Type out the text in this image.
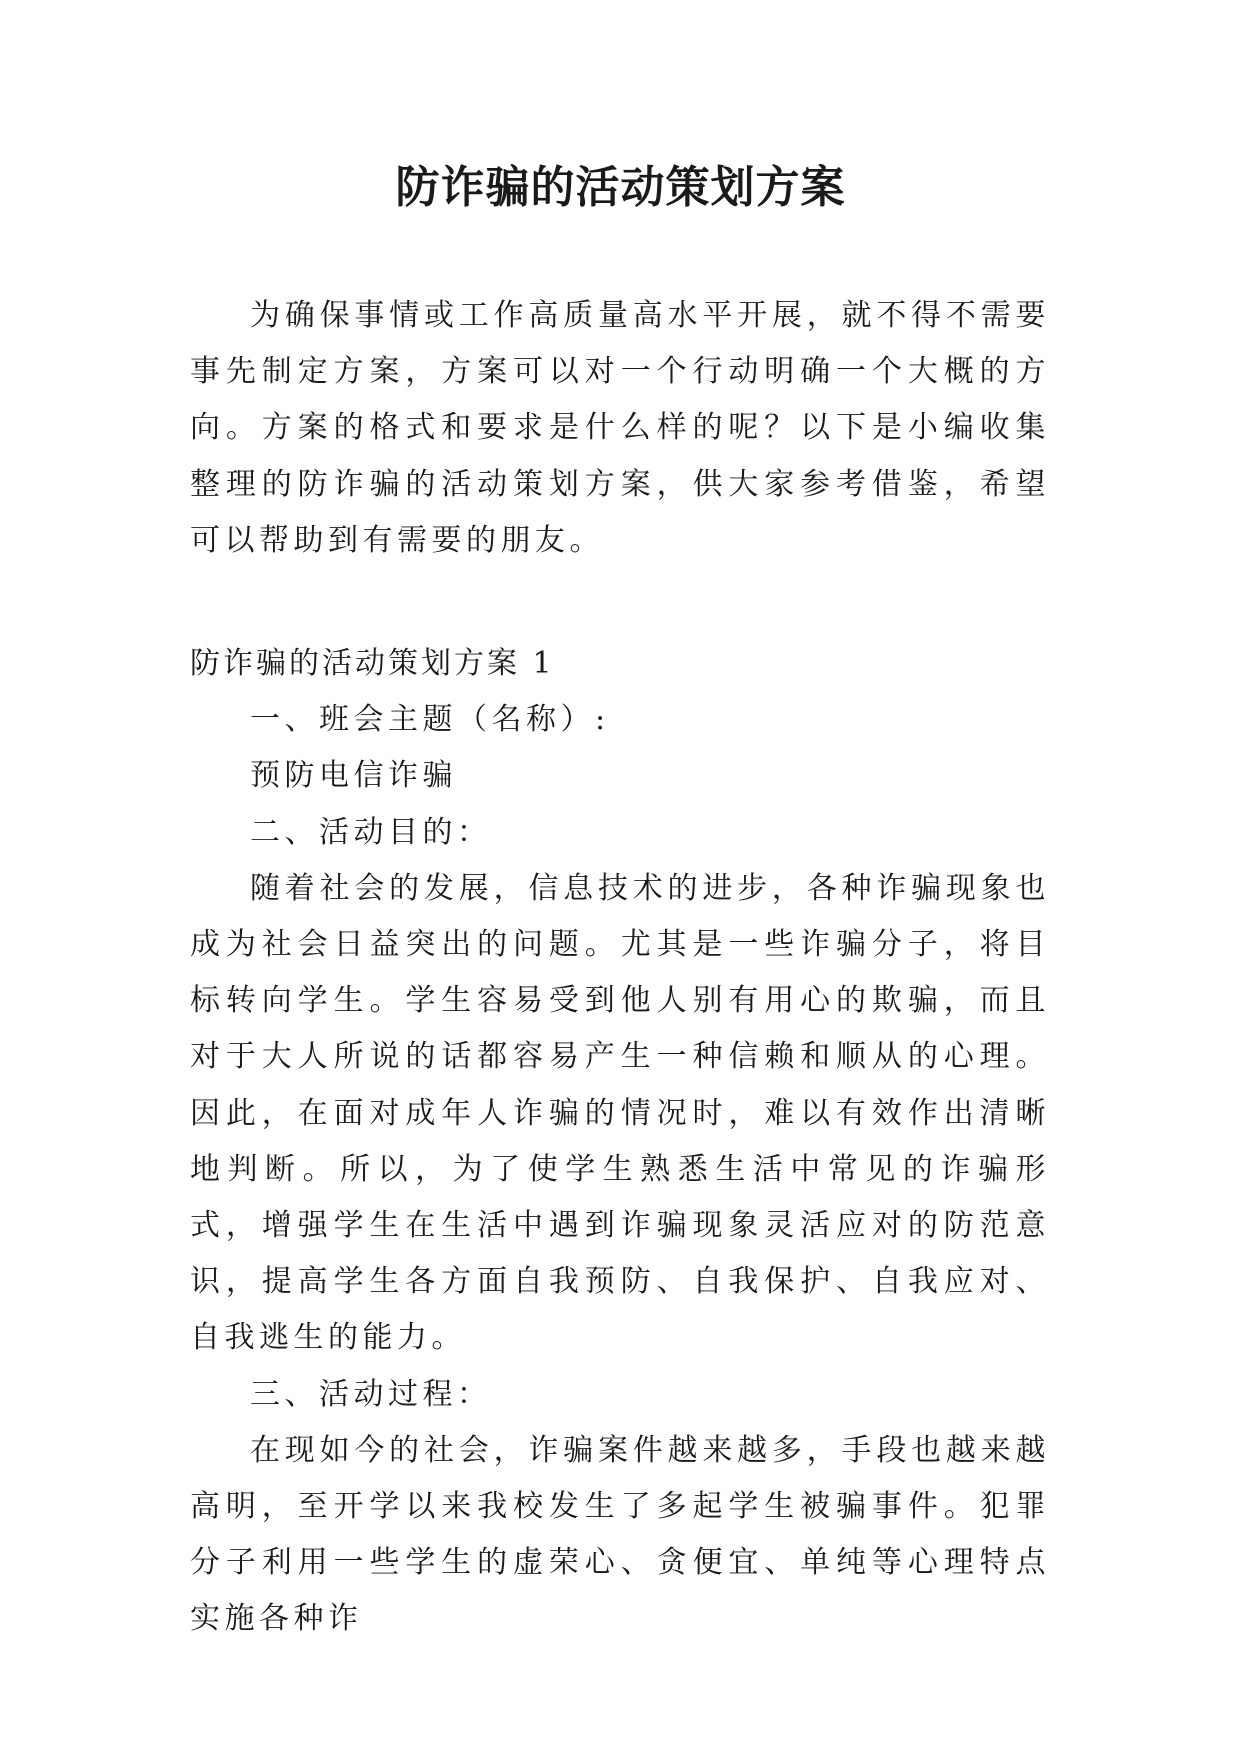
防诈骗的活动策划方案

为确保事情或工作高质量高水平开展，就不得不需要事先制定方案，方案可以对一个行动明确一个大概的方向。方案的格式和要求是什么样的呢？以下是小编收集整理的防诈骗的活动策划方案，供大家参考借鉴，希望可以帮助到有需要的朋友。

防诈骗的活动策划方案 1

一、班会主题（名称）:

预防电信诈骗

二、活动目的：

随着社会的发展，信息技术的进步，各种诈骗现象也成为社会日益突出的问题。尤其是一些诈骗分子，将目标转向学生。学生容易受到他人别有用心的欺骗，而且对于大人所说的话都容易产生一种信赖和顺从的心理。因此，在面对成年人诈骗的情况时，难以有效作出清晰地判断。所以，为了使学生熟悉生活中常见的诈骗形式，增强学生在生活中遇到诈骗现象灵活应对的防范意识，提高学生各方面自我预防、自我保护、自我应对、自我逃生的能力。

三、活动过程：

在现如今的社会，诈骗案件越来越多，手段也越来越高明，至开学以来我校发生了多起学生被骗事件。犯罪分子利用一些学生的虚荣心、贪便宜、单纯等心理特点实施各种诈
